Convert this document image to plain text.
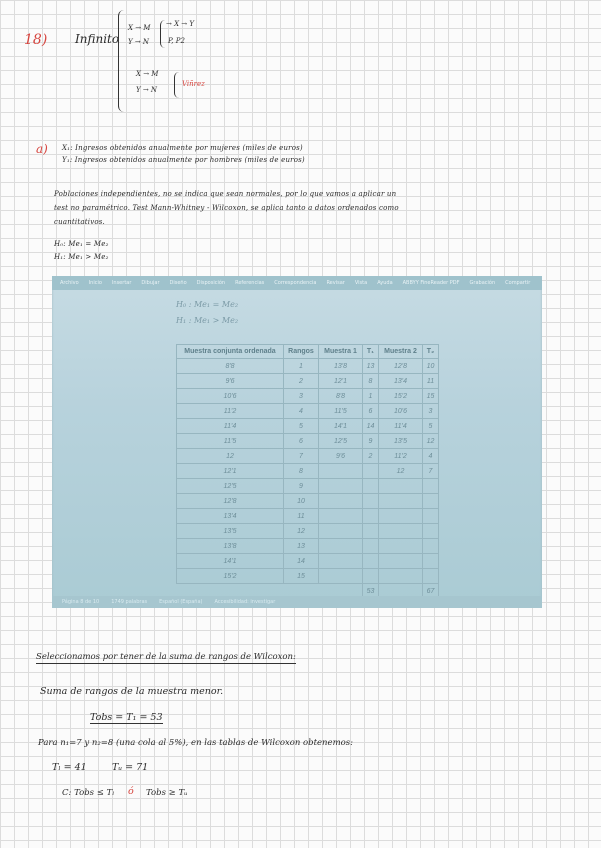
18) Infinito
X → M
Y → N
→ X → Y
P, P2
X → M
Y → N
Viñrez
a) X₁: Ingresos obtenidos anualmente por mujeres (miles de euros)
Y₁: Ingresos obtenidos anualmente por hombres (miles de euros)
Poblaciones independientes, no se indica que sean normales, por lo que vamos a aplicar un
test no paramétrico. Test Mann-Whitney - Wilcoxon, se aplica tanto a datos ordenados como
cuantitativos.
H₀: Me₁ = Me₂
H₁: Me₁ > Me₂
Archivo Inicio Insertar Dibujar Diseño Disposición Referencias Correspondencia Revisar Vista Ayuda ABBYY FineReader PDF Grabación Compartir
H₀ : Me₁ = Me₂
H₁ : Me₁ > Me₂
Muestra conjunta ordenada	Rangos	Muestra 1	T₁	Muestra 2	T₂
8'8	1	13'8	13	12'8	10
9'6	2	12'1	8	13'4	11
10'6	3	8'8	1	15'2	15
11'2	4	11'5	6	10'6	3
11'4	5	14'1	14	11'4	5
11'5	6	12'5	9	13'5	12
12	7	9'6	2	11'2	4
12'1	8			12	7
12'5	9				
12'8	10				
13'4	11				
13'5	12				
13'8	13				
14'1	14				
15'2	15				
			53		67
Página 8 de 10 1749 palabras Español (España) Accesibilidad: investigar
Seleccionamos por tener de la suma de rangos de Wilcoxon:
Suma de rangos de la muestra menor.
Tobs = T₁ = 53
Para n₁=7 y n₂=8 (una cola al 5%), en las tablas de Wilcoxon obtenemos:
Tₗ = 41	Tᵤ = 71
C: Tobs ≤ Tₗ ó Tobs ≥ Tᵤ
